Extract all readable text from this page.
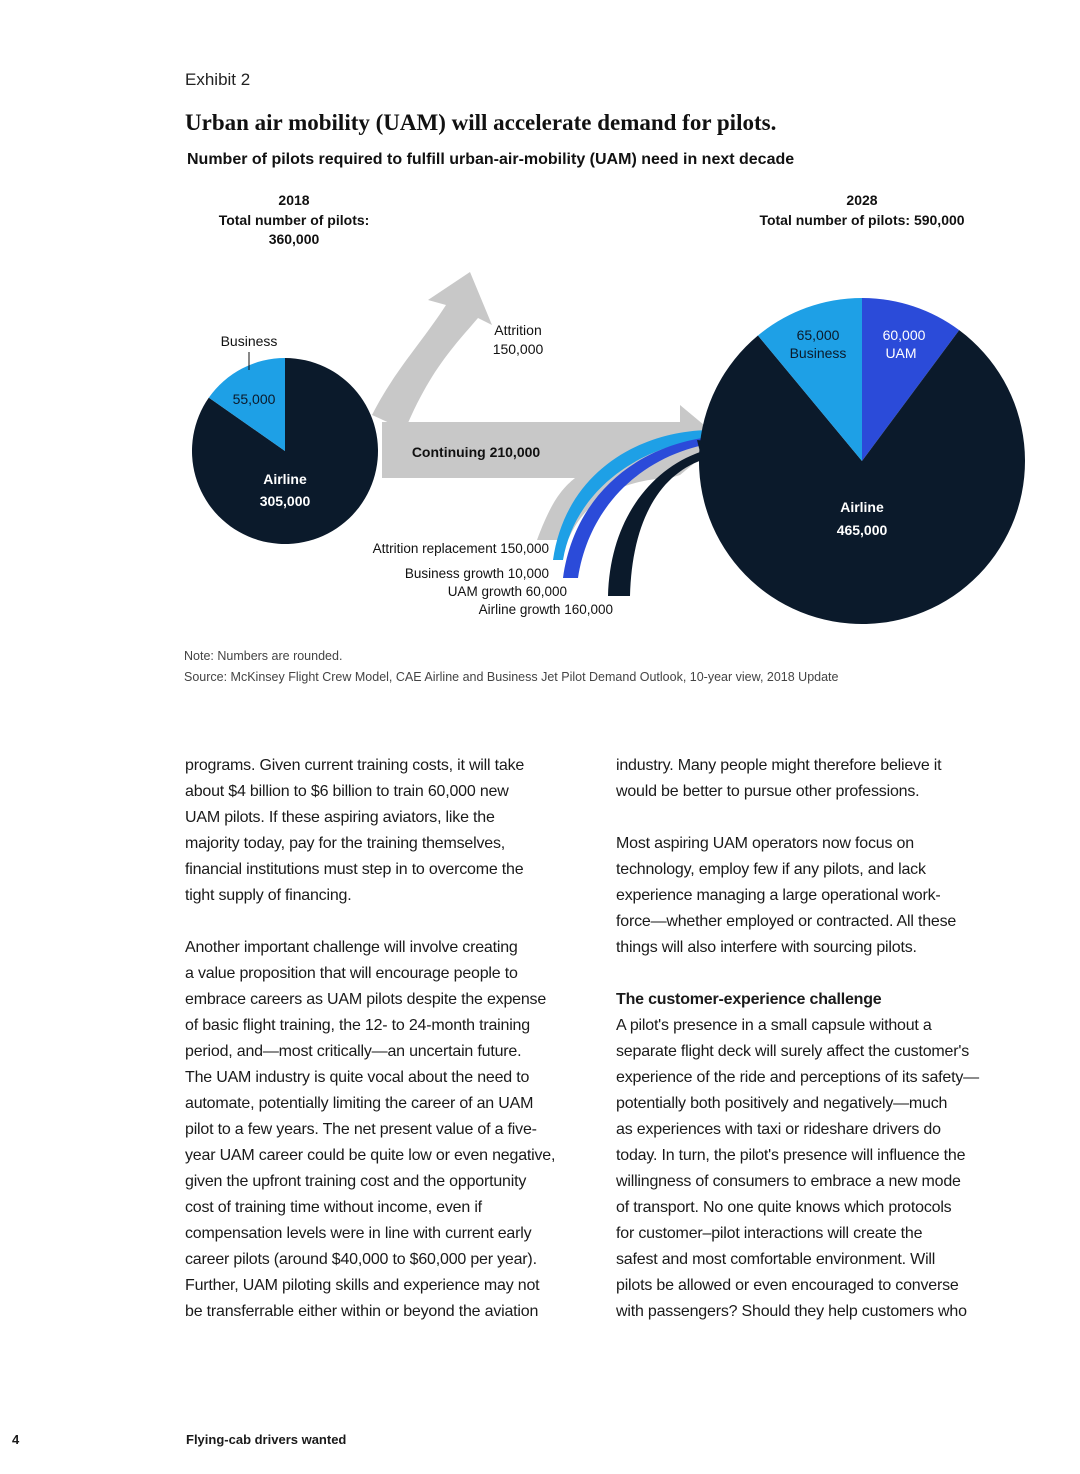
Exhibit 2
Urban air mobility (UAM) will accelerate demand for pilots.
Number of pilots required to fulfill urban-air-mobility (UAM) need in next decade
2018
Total number of pilots:
360,000
Business
55,000
Airline
305,000
2028
Total number of pilots: 590,000
65,000
Business
60,000
UAM
Airline
465,000
Attrition
150,000
Continuing 210,000
Attrition replacement 150,000
Business growth 10,000
UAM growth 60,000
Airline growth 160,000
Note: Numbers are rounded.
Source: McKinsey Flight Crew Model, CAE Airline and Business Jet Pilot Demand Outlook, 10-year view, 2018 Update

programs. Given current training costs, it will take

about $4 billion to $6 billion to train 60,000 new

UAM pilots. If these aspiring aviators, like the

majority today, pay for the training themselves,

financial institutions must step in to overcome the

tight supply of financing.

Another important challenge will involve creating

a value proposition that will encourage people to

embrace careers as UAM pilots despite the expense

of basic flight training, the 12- to 24-month training

period, and—most critically—an uncertain future.

The UAM industry is quite vocal about the need to

automate, potentially limiting the career of an UAM

pilot to a few years. The net present value of a five-

year UAM career could be quite low or even negative,

given the upfront training cost and the opportunity

cost of training time without income, even if

compensation levels were in line with current early

career pilots (around $40,000 to $60,000 per year).

Further, UAM piloting skills and experience may not

be transferrable either within or beyond the aviation

industry. Many people might therefore believe it

would be better to pursue other professions.

Most aspiring UAM operators now focus on

technology, employ few if any pilots, and lack

experience managing a large operational work-

force—whether employed or contracted. All these

things will also interfere with sourcing pilots.

The customer-experience challenge

A pilot's presence in a small capsule without a

separate flight deck will surely affect the customer's

experience of the ride and perceptions of its safety—

potentially both positively and negatively—much

as experiences with taxi or rideshare drivers do

today. In turn, the pilot's presence will influence the

willingness of consumers to embrace a new mode

of transport. No one quite knows which protocols

for customer–pilot interactions will create the

safest and most comfortable environment. Will

pilots be allowed or even encouraged to converse

with passengers? Should they help customers who

4	Flying-cab drivers wanted
